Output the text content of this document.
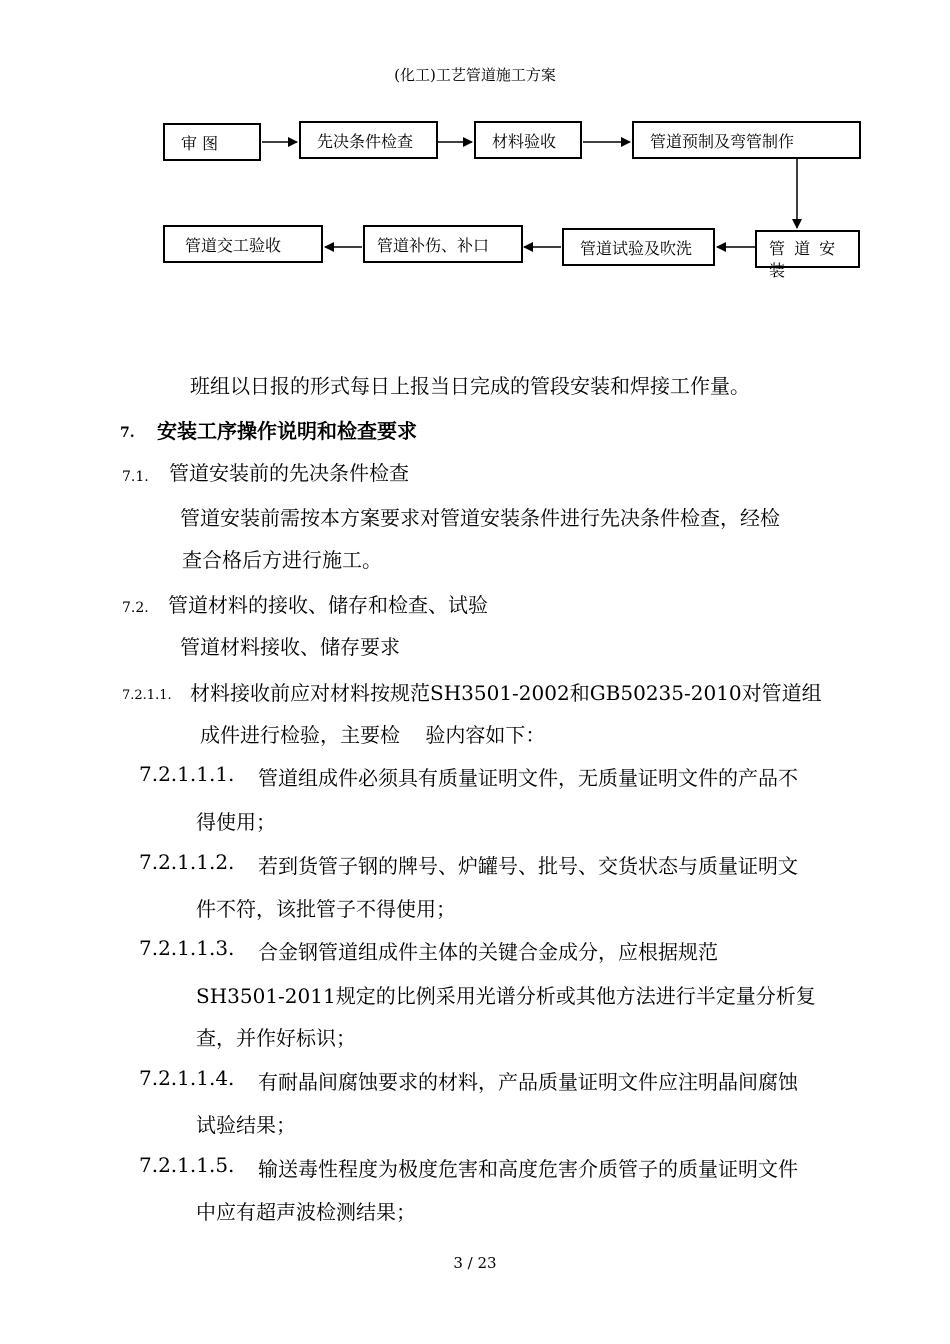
(化工)工艺管道施工方案
审 图	先决条件检查	材料验收	管道预制及弯管制作
管 道 安 装
管道试验及吹洗
管道补伤、补口
管道交工验收
班组以日报的形式每日上报当日完成的管段安装和焊接工作量。
7. 安装工序操作说明和检查要求
7.1. 管道安装前的先决条件检查
管道安装前需按本方案要求对管道安装条件进行先决条件检查，经检
查合格后方进行施工。
7.2. 管道材料的接收、储存和检查、试验
管道材料接收、储存要求
7.2.1.1. 材料接收前应对材料按规范SH3501-2002和GB50235-2010对管道组
成件进行检验，主要检    验内容如下：
7.2.1.1.1. 管道组成件必须具有质量证明文件，无质量证明文件的产品不
得使用；
7.2.1.1.2. 若到货管子钢的牌号、炉罐号、批号、交货状态与质量证明文
件不符，该批管子不得使用；
7.2.1.1.3. 合金钢管道组成件主体的关键合金成分，应根据规范
SH3501-2011规定的比例采用光谱分析或其他方法进行半定量分析复
查，并作好标识；
7.2.1.1.4. 有耐晶间腐蚀要求的材料，产品质量证明文件应注明晶间腐蚀
试验结果；
7.2.1.1.5. 输送毒性程度为极度危害和高度危害介质管子的质量证明文件
中应有超声波检测结果；
3 / 23
